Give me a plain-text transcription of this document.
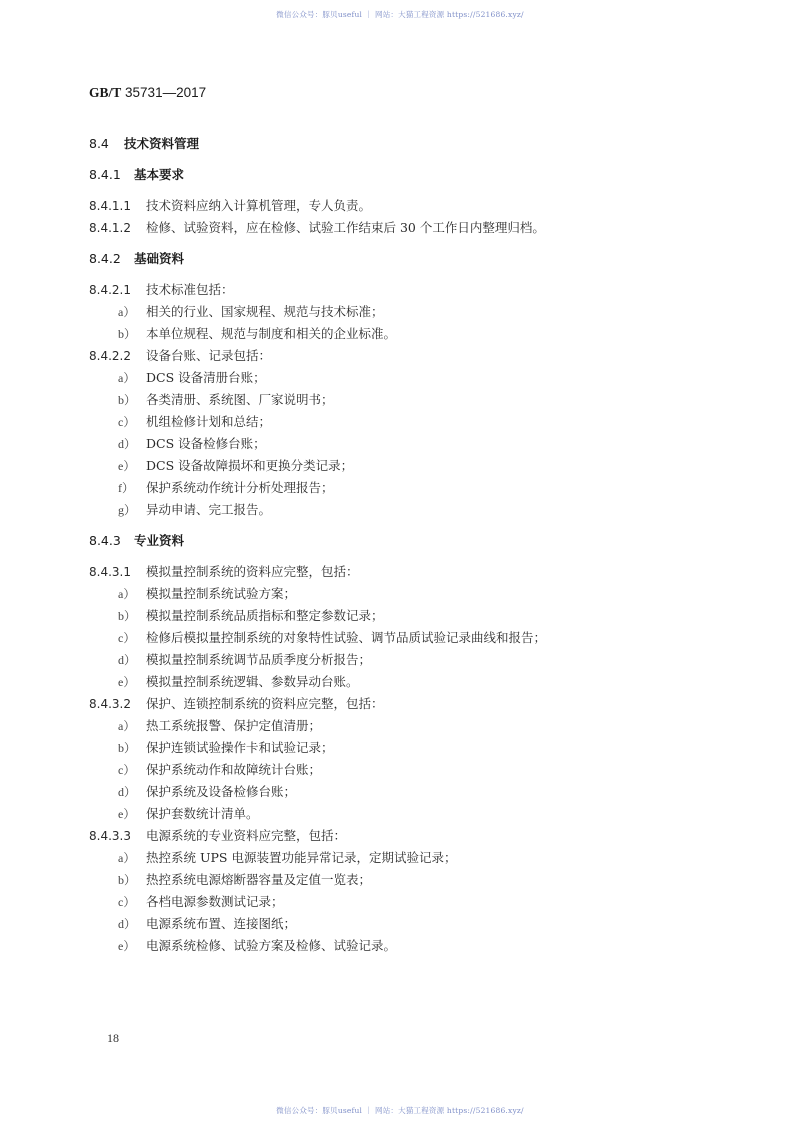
微信公众号：豚贝useful ｜ 网站：大猫工程资源 https://521686.xyz/
GB/T 35731—2017
8.4 技术资料管理
8.4.1 基本要求
8.4.1.1 技术资料应纳入计算机管理，专人负责。
8.4.1.2 检修、试验资料，应在检修、试验工作结束后 30 个工作日内整理归档。
8.4.2 基础资料
8.4.2.1 技术标准包括：
a） 相关的行业、国家规程、规范与技术标准；
b） 本单位规程、规范与制度和相关的企业标准。
8.4.2.2 设备台账、记录包括：
a） DCS 设备清册台账；
b） 各类清册、系统图、厂家说明书；
c） 机组检修计划和总结；
d） DCS 设备检修台账；
e） DCS 设备故障损坏和更换分类记录；
f） 保护系统动作统计分析处理报告；
g） 异动申请、完工报告。
8.4.3 专业资料
8.4.3.1 模拟量控制系统的资料应完整，包括：
a） 模拟量控制系统试验方案；
b） 模拟量控制系统品质指标和整定参数记录；
c） 检修后模拟量控制系统的对象特性试验、调节品质试验记录曲线和报告；
d） 模拟量控制系统调节品质季度分析报告；
e） 模拟量控制系统逻辑、参数异动台账。
8.4.3.2 保护、连锁控制系统的资料应完整，包括：
a） 热工系统报警、保护定值清册；
b） 保护连锁试验操作卡和试验记录；
c） 保护系统动作和故障统计台账；
d） 保护系统及设备检修台账；
e） 保护套数统计清单。
8.4.3.3 电源系统的专业资料应完整，包括：
a） 热控系统 UPS 电源装置功能异常记录，定期试验记录；
b） 热控系统电源熔断器容量及定值一览表；
c） 各档电源参数测试记录；
d） 电源系统布置、连接图纸；
e） 电源系统检修、试验方案及检修、试验记录。
18
微信公众号：豚贝useful ｜ 网站：大猫工程资源 https://521686.xyz/
